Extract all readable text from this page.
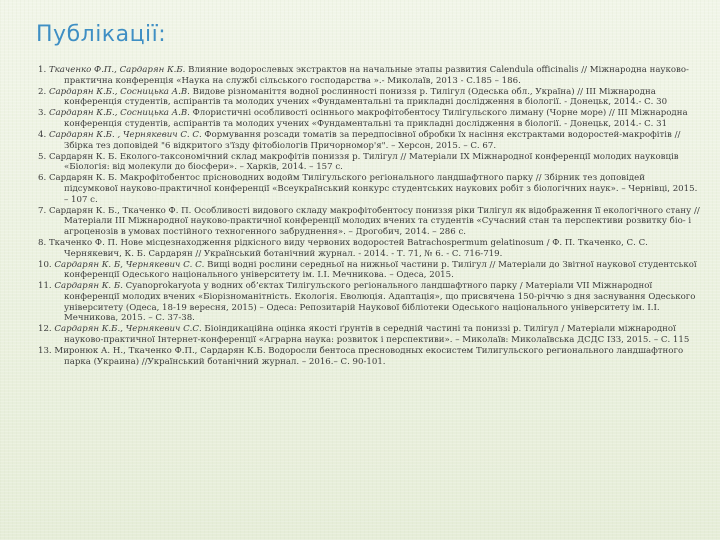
Публікації:
1. Ткаченко Ф.П., Сардарян К.Б. Влияние водорослевых экстрактов на начальные этапы развития Calendula officinalis // Міжнародна науково-практична конференція «Наука на службі сільського господарства ».- Миколаїв, 2013 - С.185 – 186.
2. Сардарян К.Б., Сосницька А.В. Видове різноманіття водної рослинності пониззя р. Тилігул (Одеська обл., Україна) // III Міжнародна конференція студентів, аспірантів та молодих учених «Фундаментальні та прикладні дослідження в біології. - Донецьк, 2014.- С. 30
3. Сардарян К.Б., Сосницька А.В. Флористичні особливості осіннього макрофітобентосу Тилігульского лиману (Чорне море) // III Міжнародна конференція студентів, аспірантів та молодих учених «Фундаментальні та прикладні дослідження в біології. - Донецьк, 2014.- С. 31
4. Сардарян К.Б. , Чернякевич С. С. Формування розсади томатів за передпосівної обробки їх насіння екстрактами водоростей-макрофітів // Збірка тез доповідей "6 відкритого з'їзду фітобіологів Причорномор'я". – Херсон, 2015. – С. 67.
5. Сардарян К. Б. Еколого-таксономічний склад макрофітів пониззя р. Тилігул // Матеріали IX Міжнародної конференції молодих науковців «Біологія: від молекули до біосфери». – Харків, 2014. – 157 с.
6. Сардарян К. Б. Макрофітобентос прісноводних водойм Тилігульского регіонального ландшафтного парку // Збірник тез доповідей підсумкової науково-практичної конференції «Всеукраїнський конкурс студентських наукових робіт з біологічних наук». – Чернівці, 2015. – 107 с.
7. Сардарян К. Б., Ткаченко Ф. П. Особливості видового складу макрофітобентосу пониззя ріки Тилігул як відображення її екологічного стану // Матеріали III Міжнародної науково-практичної конференції молодих вчених та студентів «Сучасний стан та перспективи розвитку біо- і агроценозів в умовах постійного техногенного забруднення». – Дрогобич, 2014. – 286 с.
8. Ткаченко Ф. П. Нове місцезнаходження рідкісного виду червоних водоростей Batrachospermum gelatinosum / Ф. П. Ткаченко, С. С. Чернякевич, К. Б. Сардарян // Український ботанічний журнал. - 2014. - Т. 71, № 6. - С. 716-719.
10. Сардарян К. Б, Чернякевич С. С. Вищі водні рослини середньої на нижньої частини р. Тилігул // Матеріали до Звітної наукової студентської конференції Одеського національного університету ім. І.І. Мечникова. – Одеса, 2015.
11. Сардарян К. Б. Cyanoprokaryota у водних об’єктах Тилігульского регіонального ландшафтного парку / Матеріали VII Міжнародної конференції молодих вчених «Біорізноманітність. Екологія. Еволюція. Адаптація», що присвячена 150-річчю з дня заснування Одеського університету (Одеса, 18-19 вересня, 2015) – Одеса: Репозитарій Наукової бібліотеки Одеського національного університету ім. І.І. Мечникова, 2015. – С. 37-38.
12. Сардарян К.Б., Чернякевич С.С. Біоіндикаційна оцінка якості ґрунтів в середній частині та пониззі р. Тилігул / Матеріали міжнародної науково-практичної Інтернет-конференції «Аграрна наука: розвиток і перспективи». – Миколаїв: Миколаївська ДСДС ІЗЗ, 2015. – С. 115
13. Миронюк А. Н., Ткаченко Ф.П., Сардарян К.Б. Водоросли бентоса пресноводных екосистем Тилигульского регионального ландшафтного парка (Украина) //Український ботанічний журнал. – 2016.– С. 90-101.
